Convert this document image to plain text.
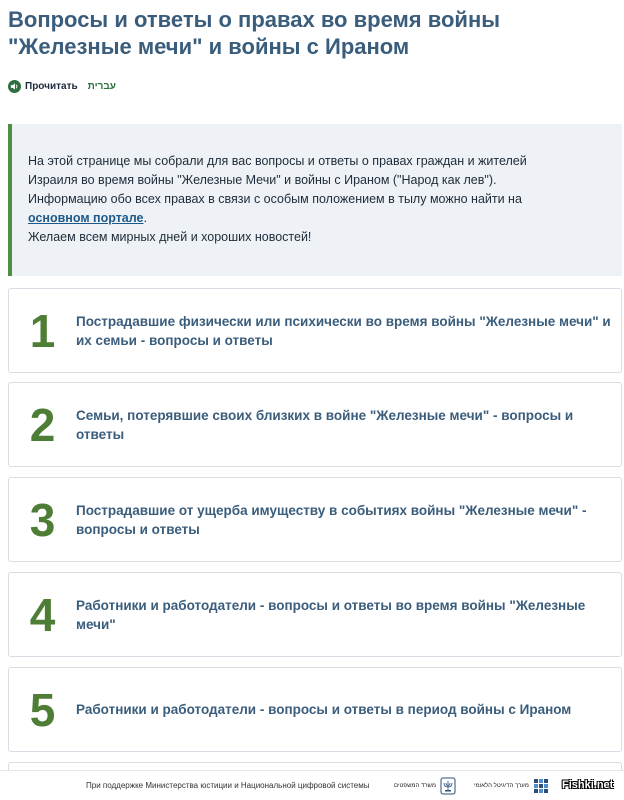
Вопросы и ответы о правах во время войны
"Железные мечи" и войны с Ираном
Прочитать עברית

На этой странице мы собрали для вас вопросы и ответы о правах граждан и жителей

Израиля во время войны "Железные Мечи" и войны с Ираном ("Народ как лев").

Информацию обо всех правах в связи с особым положением в тылу можно найти на

основном портале.

Желаем всем мирных дней и хороших новостей!

1	Пострадавшие физически или психически во время войны "Железные мечи" и их семьи - вопросы и ответы
2	Семьи, потерявшие своих близких в войне "Железные мечи" - вопросы и ответы
3	Пострадавшие от ущерба имуществу в событиях войны "Железные мечи" - вопросы и ответы
4	Работники и работодатели - вопросы и ответы во время войны "Железные мечи"
5	Работники и работодатели - вопросы и ответы в период войны с Ираном
При поддержке Министерства юстиции и Национальной цифровой системы	משרד המשפטים	מערך הדיגיטל הלאומי	Fishki.net
